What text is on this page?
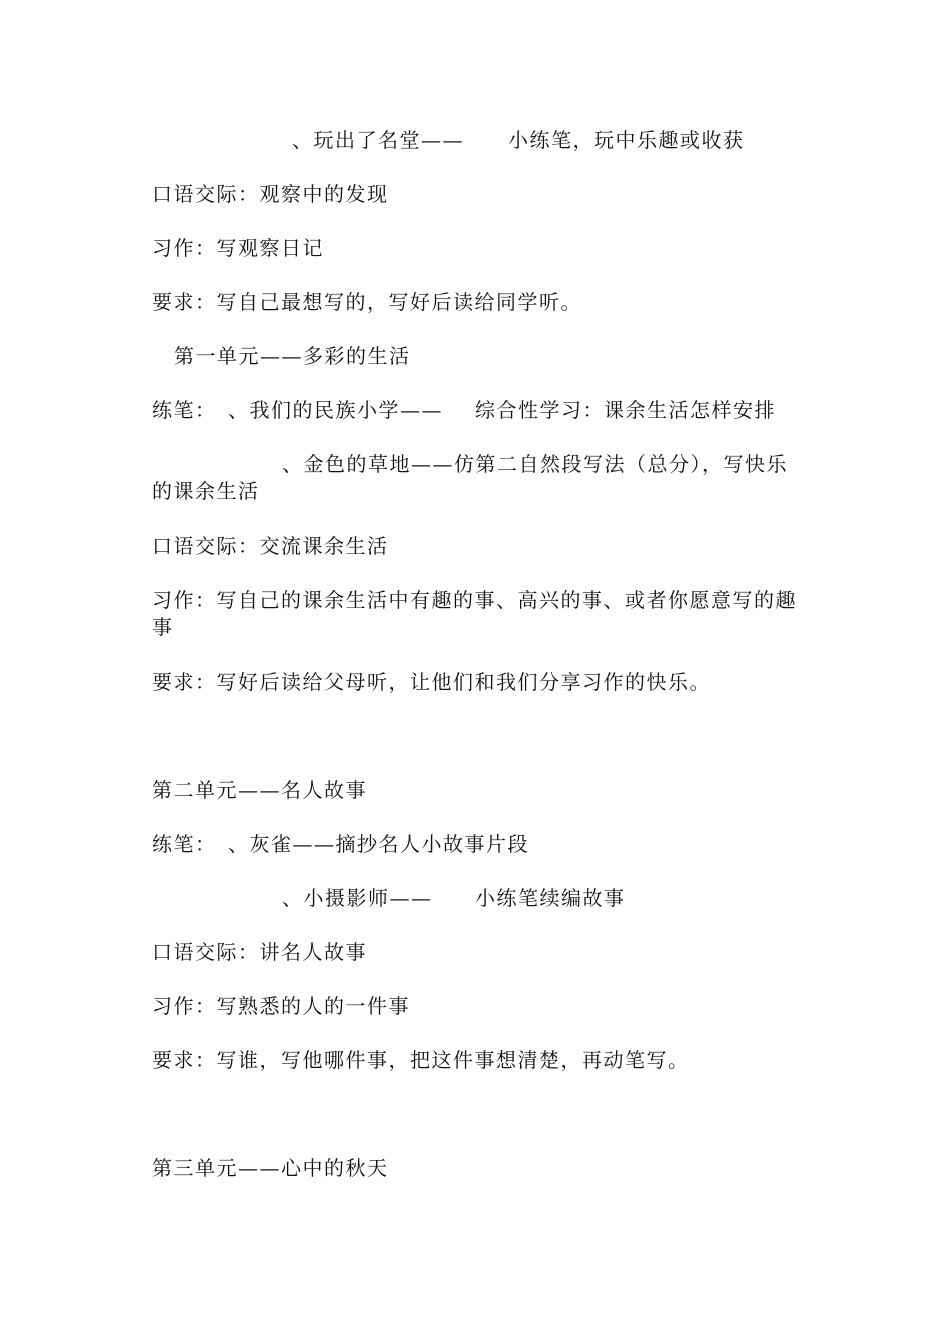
、玩出了名堂—— 小练笔，玩中乐趣或收获
口语交际：观察中的发现
习作：写观察日记
要求：写自己最想写的，写好后读给同学听。
第一单元——多彩的生活
练笔： 、我们的民族小学—— 综合性学习：课余生活怎样安排
、金色的草地——仿第二自然段写法（总分），写快乐
的课余生活
口语交际：交流课余生活
习作：写自己的课余生活中有趣的事、高兴的事、或者你愿意写的趣事
要求：写好后读给父母听，让他们和我们分享习作的快乐。
第二单元——名人故事
练笔： 、灰雀——摘抄名人小故事片段
、小摄影师—— 小练笔续编故事
口语交际：讲名人故事
习作：写熟悉的人的一件事
要求：写谁，写他哪件事，把这件事想清楚，再动笔写。
第三单元——心中的秋天
